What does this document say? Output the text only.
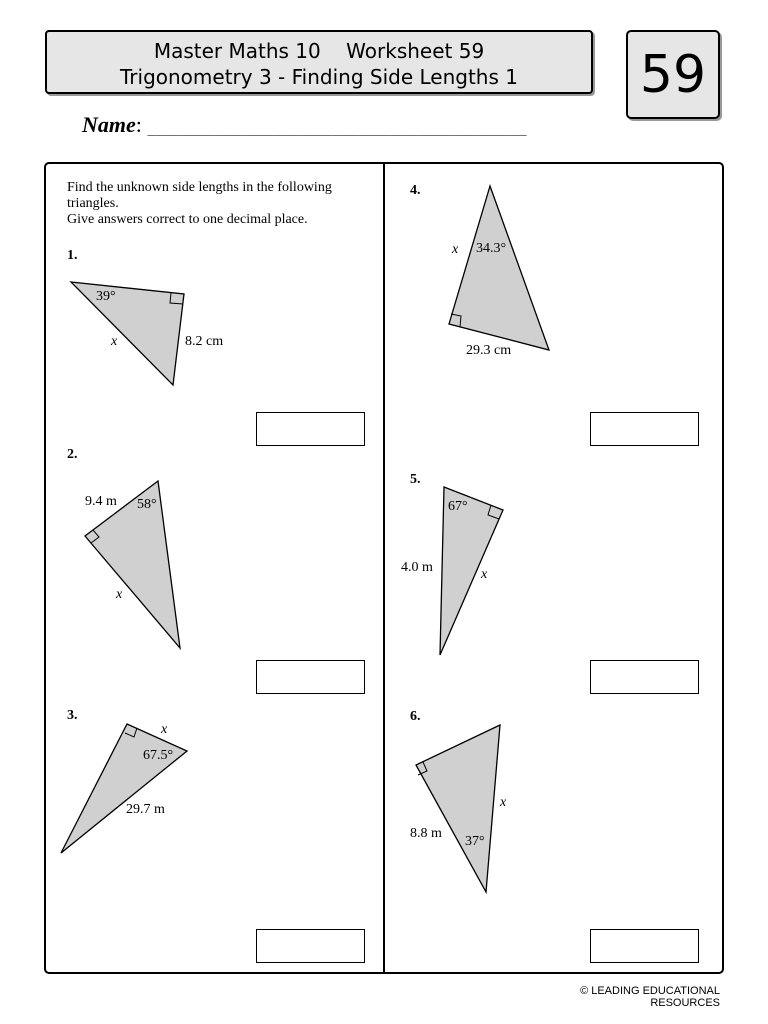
Master Maths 10    Worksheet 59
Trigonometry 3 - Finding Side Lengths 1	59
Name: _____________________________________________
Find the unknown side lengths in the following triangles.
Give answers correct to one decimal place.
1.
39°
8.2 cm
x
2.
9.4 m 58°
x
3.
x
67.5°
29.7 m
4.
x 34.3°
29.3 cm
5.
67°
4.0 m	x
6.
x
8.8 m
37°
© LEADING EDUCATIONAL RESOURCES
